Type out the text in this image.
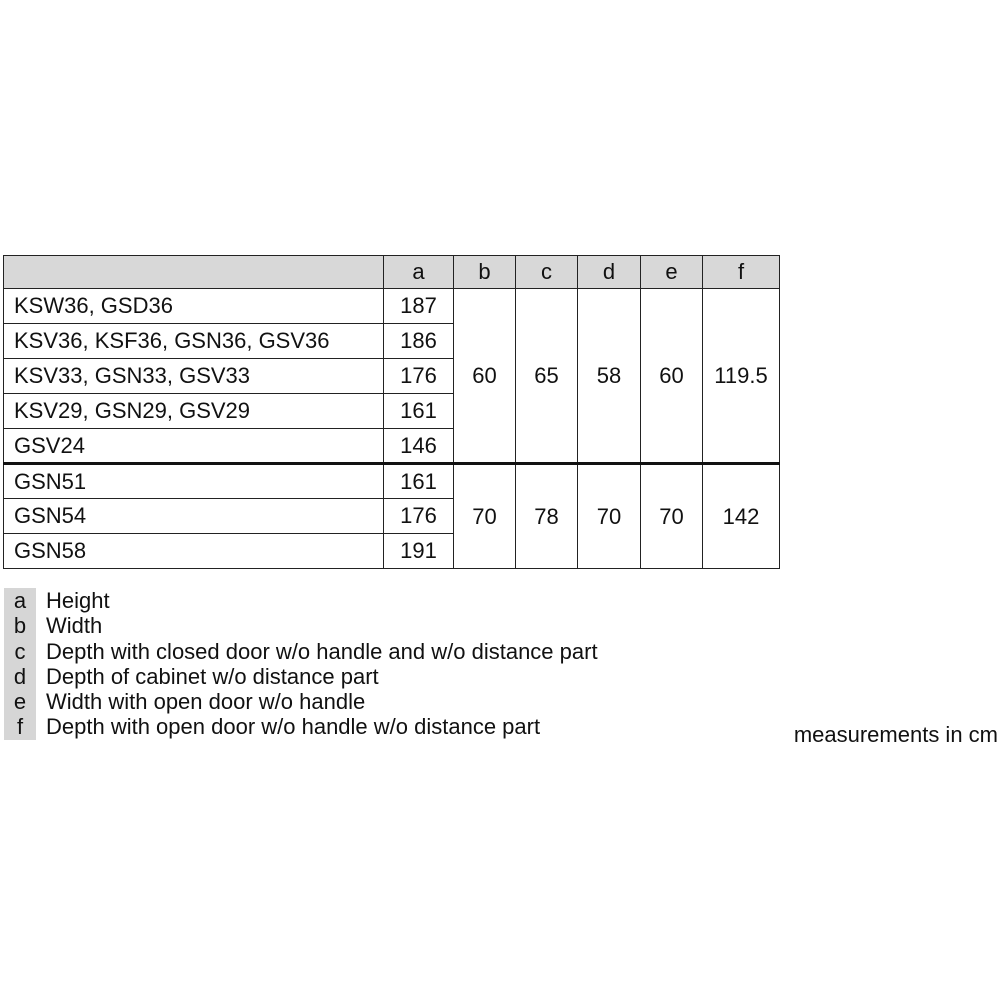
	a	b	c	d	e	f
KSW36, GSD36	187	60	65	58	60	119.5
KSV36, KSF36, GSN36, GSV36	186					
KSV33, GSN33, GSV33	176					
KSV29, GSN29, GSV29	161					
GSV24	146					
GSN51	161	70	78	70	70	142
GSN54	176					
GSN58	191					
a Height
b Width
c Depth with closed door w/o handle and w/o distance part
d Depth of cabinet w/o distance part
e Width with open door w/o handle
f	Depth with open door w/o handle w/o distance part	measurements in cm
